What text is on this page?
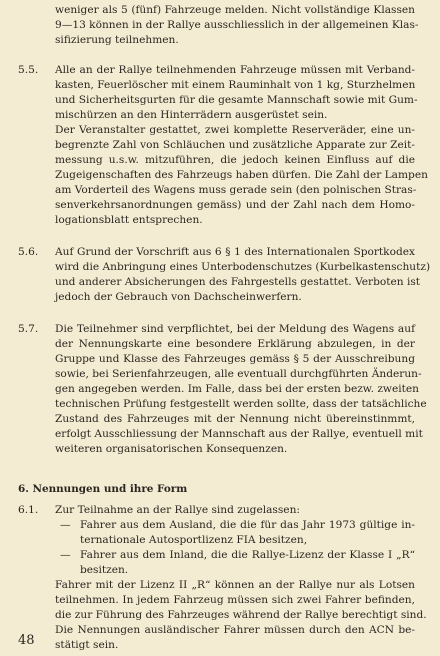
weniger als 5 (fünf) Fahrzeuge melden. Nicht vollständige Klassen
9—13 können in der Rallye ausschliesslich in der allgemeinen Klas-
sifizierung teilnehmen.
5.5. Alle an der Rallye teilnehmenden Fahrzeuge müssen mit Verband-
kasten, Feuerlöscher mit einem Rauminhalt von 1 kg, Sturzhelmen
und Sicherheitsgurten für die gesamte Mannschaft sowie mit Gum-
mischürzen an den Hinterrädern ausgerüstet sein.
Der Veranstalter gestattet, zwei komplette Reserveräder, eine un-
begrenzte Zahl von Schläuchen und zusätzliche Apparate zur Zeit-
messung u.s.w. mitzuführen, die jedoch keinen Einfluss auf die
Zugeigenschaften des Fahrzeugs haben dürfen. Die Zahl der Lampen
am Vorderteil des Wagens muss gerade sein (den polnischen Stras-
senverkehrsanordnungen gemäss) und der Zahl nach dem Homo-
logationsblatt entsprechen.
5.6. Auf Grund der Vorschrift aus 6 § 1 des Internationalen Sportkodex
wird die Anbringung eines Unterbodenschutzes (Kurbelkastenschutz)
und anderer Absicherungen des Fahrgestells gestattet. Verboten ist
jedoch der Gebrauch von Dachscheinwerfern.
5.7. Die Teilnehmer sind verpflichtet, bei der Meldung des Wagens auf
der Nennungskarte eine besondere Erklärung abzulegen, in der
Gruppe und Klasse des Fahrzeuges gemäss § 5 der Ausschreibung
sowie, bei Serienfahrzeugen, alle eventuall durchgführten Änderun-
gen angegeben werden. Im Falle, dass bei der ersten bezw. zweiten
technischen Prüfung festgestellt werden sollte, dass der tatsächliche
Zustand des Fahrzeuges mit der Nennung nicht übereinstinmmt,
erfolgt Ausschliessung der Mannschaft aus der Rallye, eventuell mit
weiteren organisatorischen Konsequenzen.
6. Nennungen und ihre Form
6.1. Zur Teilnahme an der Rallye sind zugelassen:
— Fahrer aus dem Ausland, die die für das Jahr 1973 gültige in-
ternationale Autosportlizenz FIA besitzen,
— Fahrer aus dem Inland, die die Rallye-Lizenz der Klasse I „R“
besitzen.
Fahrer mit der Lizenz II „R“ können an der Rallye nur als Lotsen
teilnehmen. In jedem Fahrzeug müssen sich zwei Fahrer befinden,
die zur Führung des Fahrzeuges während der Rallye berechtigt sind.
Die Nennungen ausländischer Fahrer müssen durch den ACN be-
stätigt sein.
48
